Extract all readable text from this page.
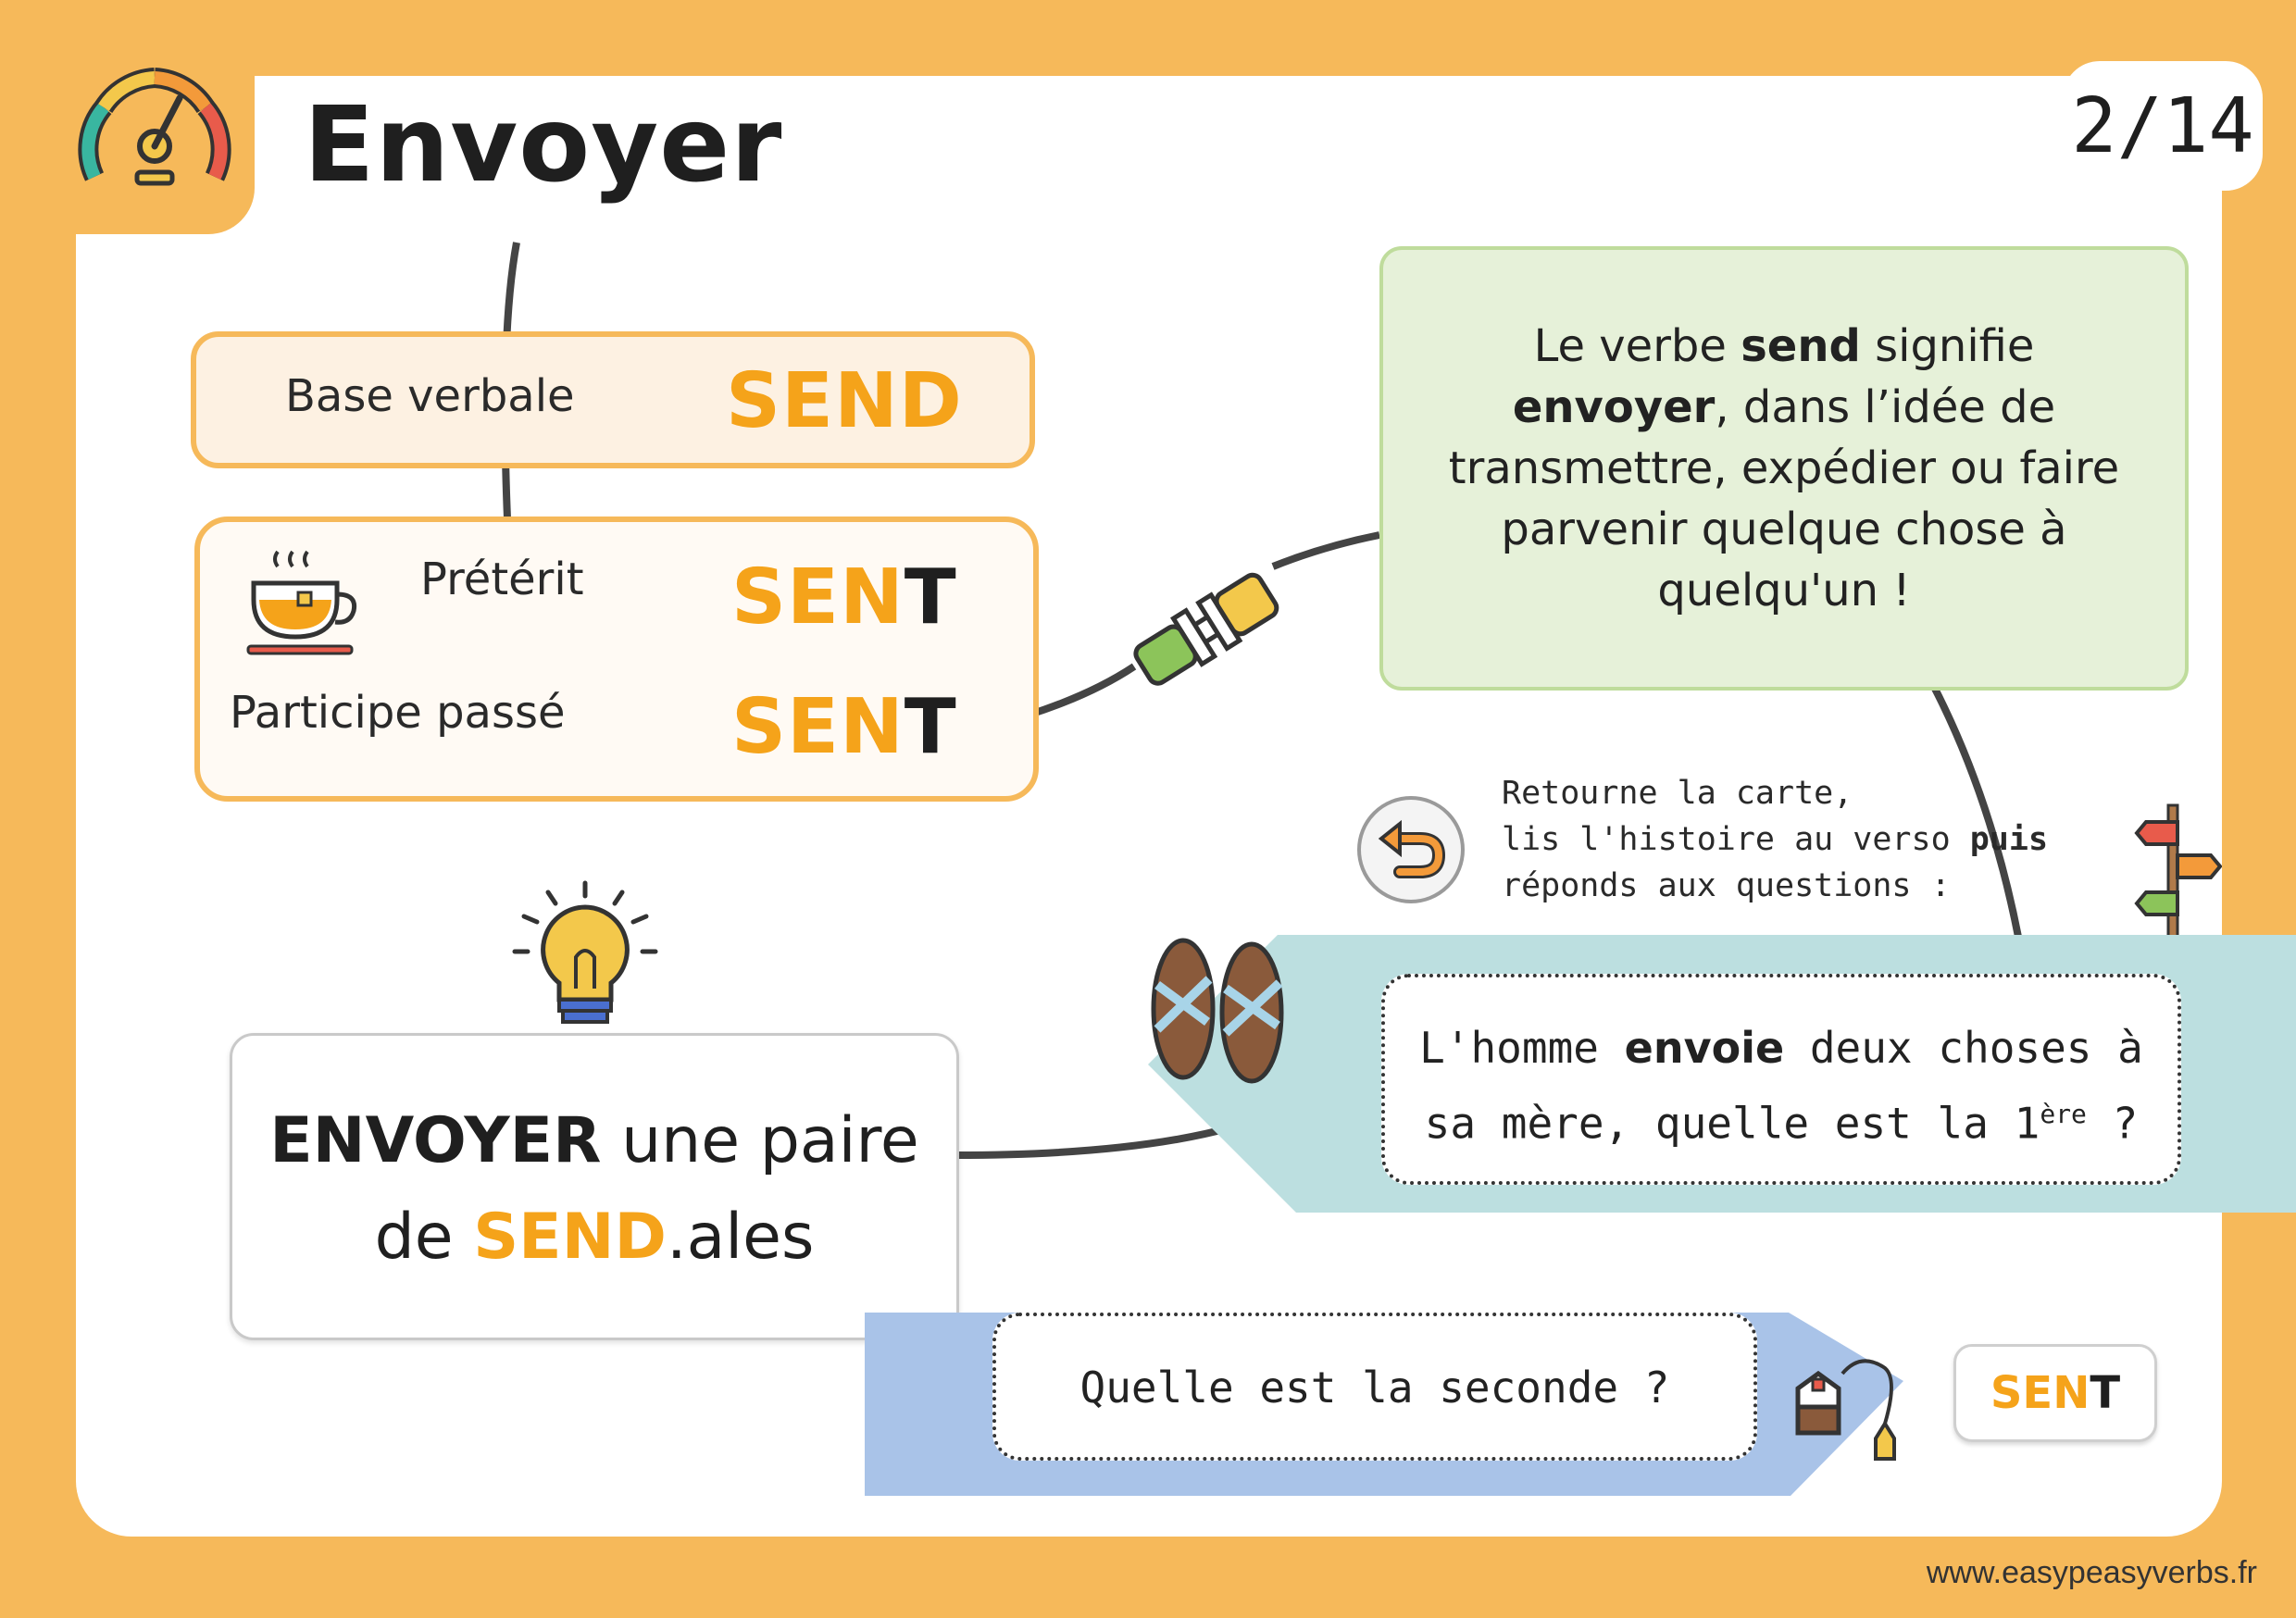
Envoyer	2/14
Base verbale SEND
Prétérit SENT
Participe passé SENT
Le verbe send signifie envoyer, dans l’idée de transmettre, expédier ou faire parvenir quelque chose à quelqu'un !
Retourne la carte,
lis l'histoire au verso puis
réponds aux questions :
L'homme envoie deux choses à sa mère, quelle est la 1ère ?
ENVOYER une paire
de SEND.ales
Quelle est la seconde ?	SEN T
www.easypeasyverbs.fr
